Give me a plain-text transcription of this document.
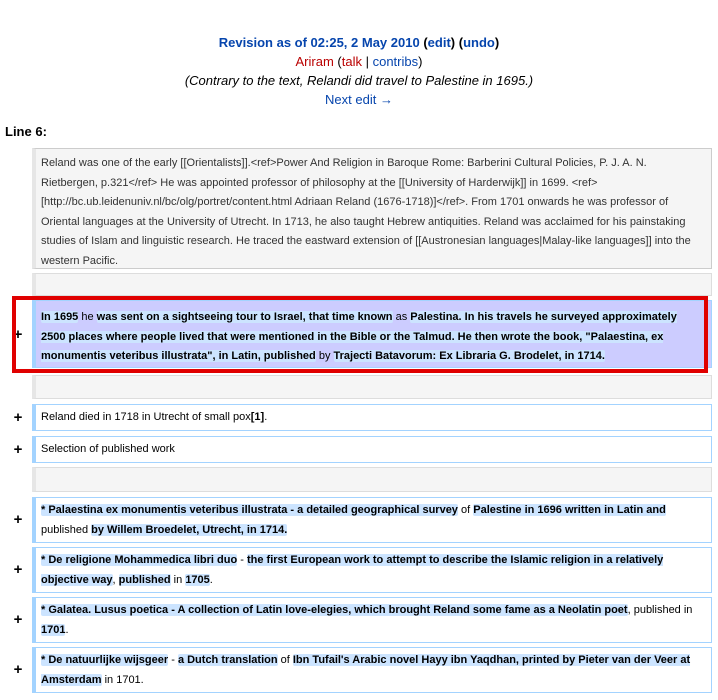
Revision as of 02:25, 2 May 2010 (edit) (undo)
Ariram (talk | contribs)
(Contrary to the text, Relandi did travel to Palestine in 1695.)
Next edit →
Line 6:
Reland was one of the early [[Orientalists]].<ref>Power And Religion in Baroque Rome: Barberini Cultural Policies, P. J. A. N. Rietbergen, p.321</ref> He was appointed professor of philosophy at the [[University of Harderwijk]] in 1699. <ref>[http://bc.ub.leidenuniv.nl/bc/olg/portret/content.html Adriaan Reland (1676-1718)]</ref>. From 1701 onwards he was professor of Oriental languages at the University of Utrecht. In 1713, he also taught Hebrew antiquities. Reland was acclaimed for his painstaking studies of Islam and linguistic research. He traced the eastward extension of [[Austronesian languages|Malay-like languages]] into the western Pacific.
+
In 1695 he was sent on a sightseeing tour to Israel, that time known as Palestina. In his travels he surveyed approximately 2500 places where people lived that were mentioned in the Bible or the Talmud. He then wrote the book, "Palaestina, ex monumentis veteribus illustrata", in Latin, published by Trajecti Batavorum: Ex Libraria G. Brodelet, in 1714.
+	Reland died in 1718 in Utrecht of small pox[1].
+	Selection of published work
+
* Palaestina ex monumentis veteribus illustrata - a detailed geographical survey of Palestine in 1696 written in Latin and published by Willem Broedelet, Utrecht, in 1714.
+
* De religione Mohammedica libri duo - the first European work to attempt to describe the Islamic religion in a relatively objective way, published in 1705.
+
* Galatea. Lusus poetica - A collection of Latin love-elegies, which brought Reland some fame as a Neolatin poet, published in 1701.
+
* De natuurlijke wijsgeer - a Dutch translation of Ibn Tufail's Arabic novel Hayy ibn Yaqdhan, printed by Pieter van der Veer at Amsterdam in 1701.
